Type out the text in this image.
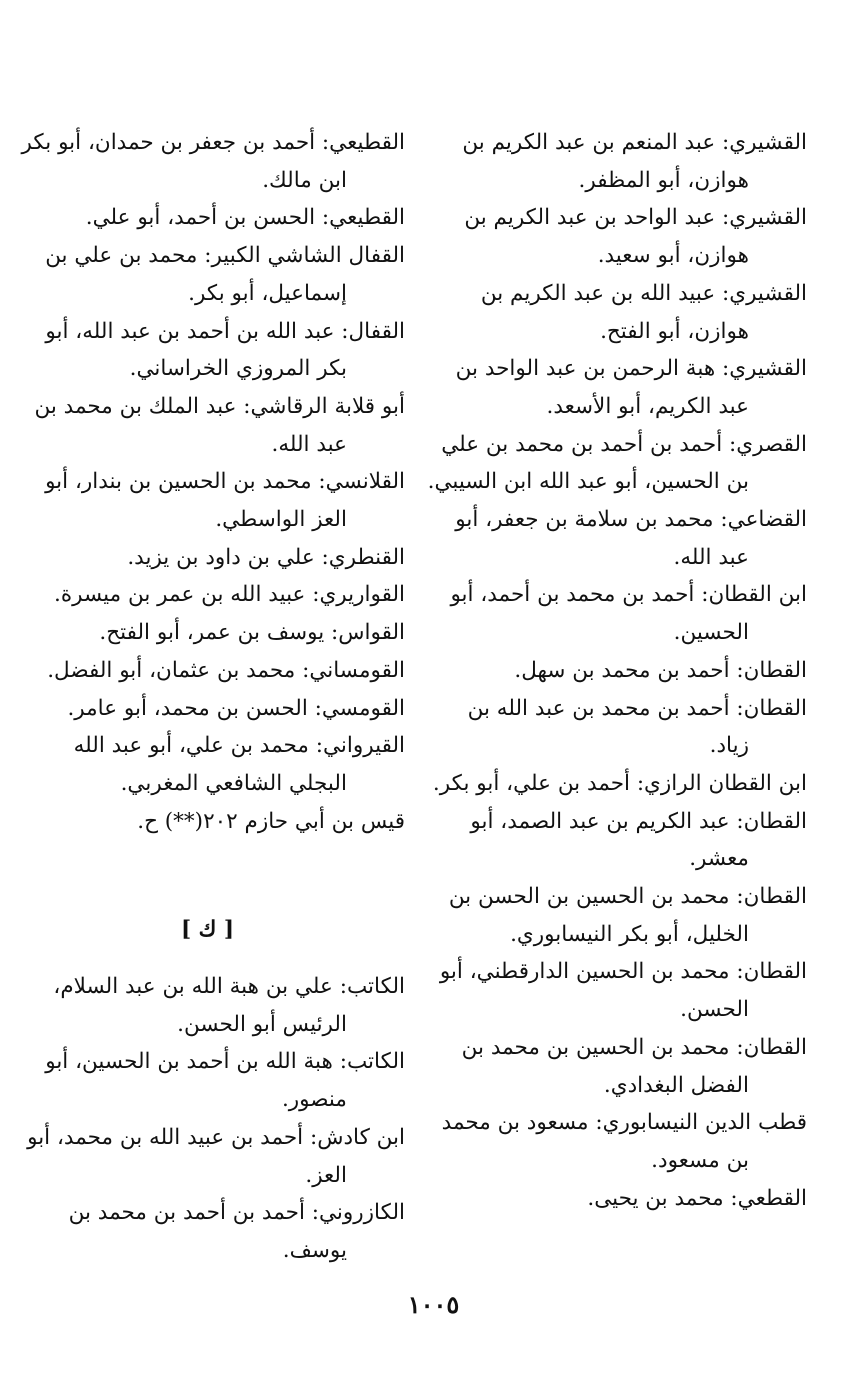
القشيري: عبد المنعم بن عبد الكريم بن هوازن، أبو المظفر.

القشيري: عبد الواحد بن عبد الكريم بن هوازن، أبو سعيد.

القشيري: عبيد الله بن عبد الكريم بن هوازن، أبو الفتح.

القشيري: هبة الرحمن بن عبد الواحد بن عبد الكريم، أبو الأسعد.

القصري: أحمد بن أحمد بن محمد بن علي بن الحسين، أبو عبد الله ابن السيبي.

القضاعي: محمد بن سلامة بن جعفر، أبو عبد الله.

ابن القطان: أحمد بن محمد بن أحمد، أبو الحسين.

القطان: أحمد بن محمد بن سهل.

القطان: أحمد بن محمد بن عبد الله بن زياد.

ابن القطان الرازي: أحمد بن علي، أبو بكر.

القطان: عبد الكريم بن عبد الصمد، أبو معشر.

القطان: محمد بن الحسين بن الحسن بن الخليل، أبو بكر النيسابوري.

القطان: محمد بن الحسين الدارقطني، أبو الحسن.

القطان: محمد بن الحسين بن محمد بن الفضل البغدادي.

قطب الدين النيسابوري: مسعود بن محمد بن مسعود.

القطعي: محمد بن يحيى.

القطيعي: أحمد بن جعفر بن حمدان، أبو بكر ابن مالك.

القطيعي: الحسن بن أحمد، أبو علي.

القفال الشاشي الكبير: محمد بن علي بن إسماعيل، أبو بكر.

القفال: عبد الله بن أحمد بن عبد الله، أبو بكر المروزي الخراساني.

أبو قلابة الرقاشي: عبد الملك بن محمد بن عبد الله.

القلانسي: محمد بن الحسين بن بندار، أبو العز الواسطي.

القنطري: علي بن داود بن يزيد.

القواريري: عبيد الله بن عمر بن ميسرة.

القواس: يوسف بن عمر، أبو الفتح.

القومساني: محمد بن عثمان، أبو الفضل.

القومسي: الحسن بن محمد، أبو عامر.

القيرواني: محمد بن علي، أبو عبد الله البجلي الشافعي المغربي.

قيس بن أبي حازم ٢٠٢(**) ح.

[ ك ]

الكاتب: علي بن هبة الله بن عبد السلام، الرئيس أبو الحسن.

الكاتب: هبة الله بن أحمد بن الحسين، أبو منصور.

ابن كادش: أحمد بن عبيد الله بن محمد، أبو العز.

الكازروني: أحمد بن أحمد بن محمد بن يوسف.

١٠٠٥
